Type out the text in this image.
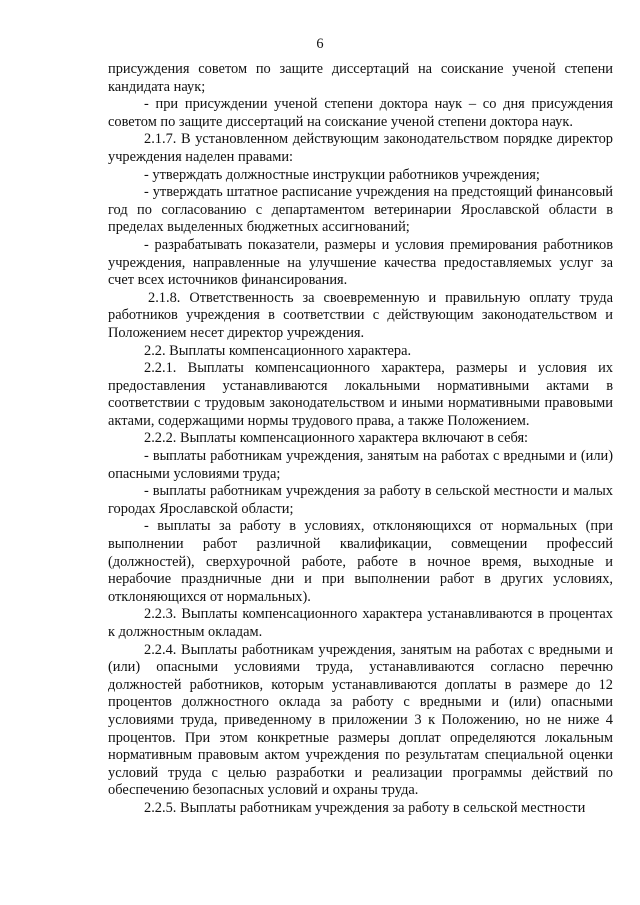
6

присуждения советом по защите диссертаций на соискание ученой степени кандидата наук;

- при присуждении ученой степени доктора наук – со дня присуждения советом по защите диссертаций на соискание ученой степени доктора наук.

2.1.7. В установленном действующим законодательством порядке директор учреждения наделен правами:

- утверждать должностные инструкции работников учреждения;

- утверждать штатное расписание учреждения на предстоящий финансовый год по согласованию с департаментом ветеринарии Ярославской области в пределах выделенных бюджетных ассигнований;

- разрабатывать показатели, размеры и условия премирования работников учреждения, направленные на улучшение качества предоставляемых услуг за счет всех источников финансирования.

2.1.8. Ответственность за своевременную и правильную оплату труда работников учреждения в соответствии с действующим законодательством и Положением несет директор учреждения.

2.2. Выплаты компенсационного характера.

2.2.1. Выплаты компенсационного характера, размеры и условия их предоставления устанавливаются локальными нормативными актами в соответствии с трудовым законодательством и иными нормативными правовыми актами, содержащими нормы трудового права, а также Положением.

2.2.2. Выплаты компенсационного характера включают в себя:

- выплаты работникам учреждения, занятым на работах с вредными и (или) опасными условиями труда;

- выплаты работникам учреждения за работу в сельской местности и малых городах Ярославской области;

- выплаты за работу в условиях, отклоняющихся от нормальных (при выполнении работ различной квалификации, совмещении профессий (должностей), сверхурочной работе, работе в ночное время, выходные и нерабочие праздничные дни и при выполнении работ в других условиях, отклоняющихся от нормальных).

2.2.3. Выплаты компенсационного характера устанавливаются в процентах к должностным окладам.

2.2.4. Выплаты работникам учреждения, занятым на работах с вредными и (или) опасными условиями труда, устанавливаются согласно перечню должностей работников, которым устанавливаются доплаты в размере до 12 процентов должностного оклада за работу с вредными и (или) опасными условиями труда, приведенному в приложении 3 к Положению, но не ниже 4 процентов. При этом конкретные размеры доплат определяются локальным нормативным правовым актом учреждения по результатам специальной оценки условий труда с целью разработки и реализации программы действий по обеспечению безопасных условий и охраны труда.

2.2.5. Выплаты работникам учреждения за работу в сельской местности
